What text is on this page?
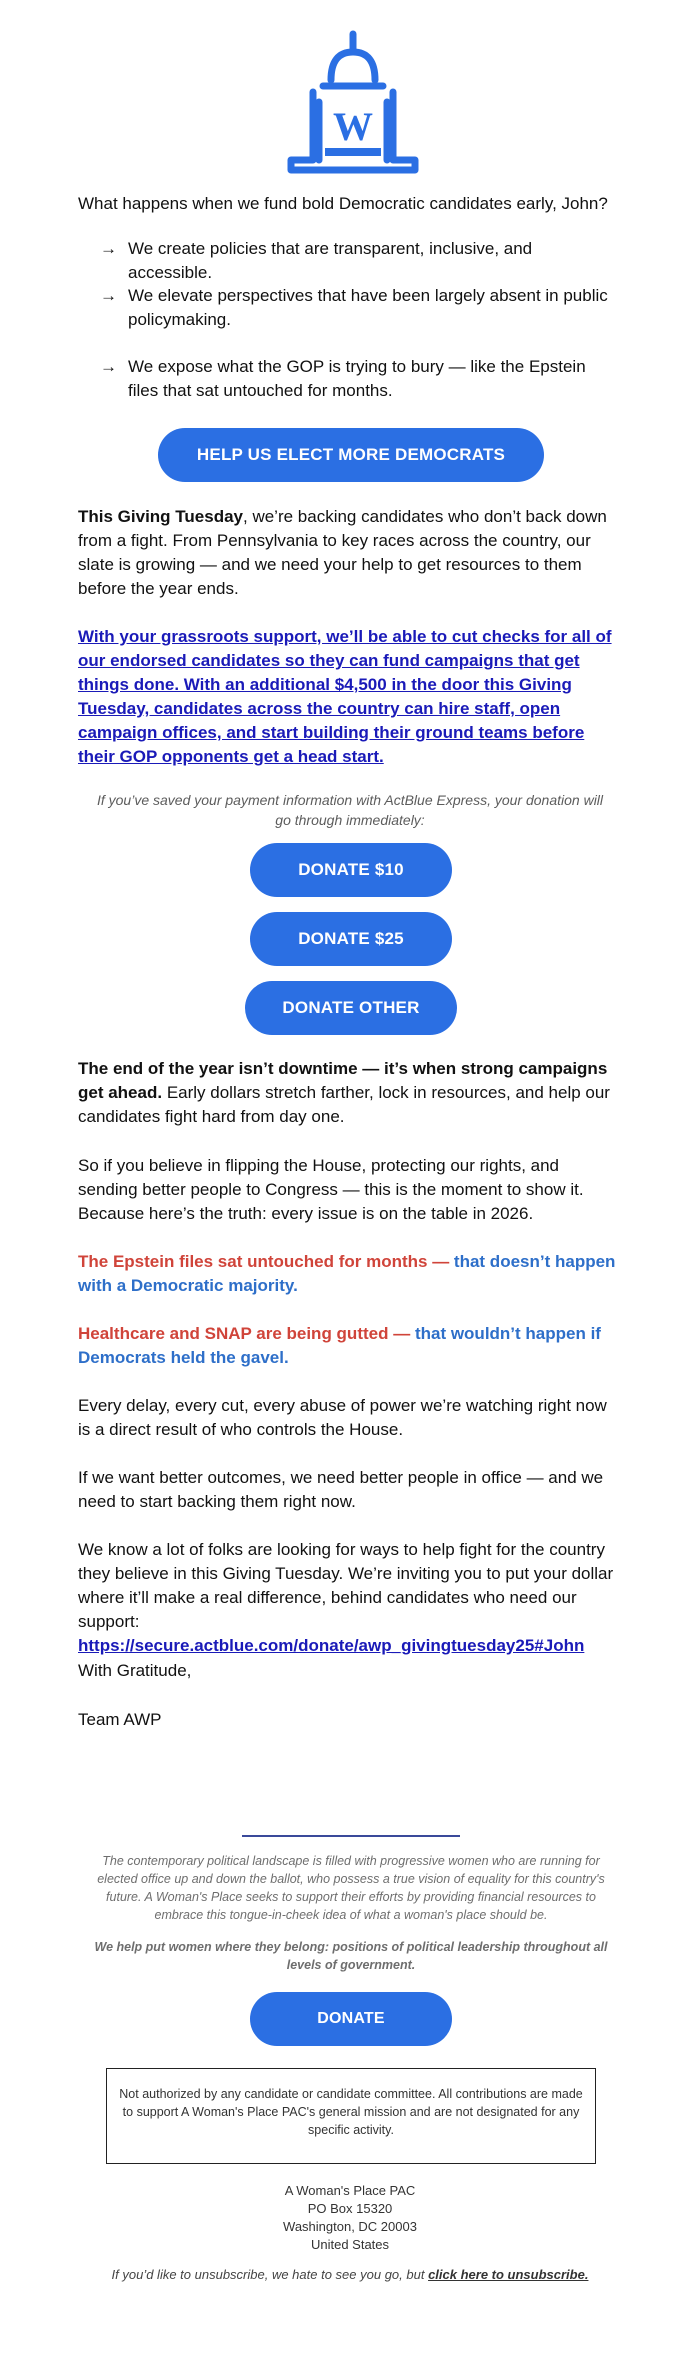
W

What happens when we fund bold Democratic candidates early, John?

→ We create policies that are transparent, inclusive, and accessible.
→ We elevate perspectives that have been largely absent in public policymaking.
→ We expose what the GOP is trying to bury — like the Epstein files that sat untouched for months.
HELP US ELECT MORE DEMOCRATS

This Giving Tuesday, we’re backing candidates who don’t back down from a fight. From Pennsylvania to key races across the country, our slate is growing — and we need your help to get resources to them before the year ends.

With your grassroots support, we’ll be able to cut checks for all of our endorsed candidates so they can fund campaigns that get things done. With an additional $4,500 in the door this Giving Tuesday, candidates across the country can hire staff, open campaign offices, and start building their ground teams before their GOP opponents get a head start.

If you’ve saved your payment information with ActBlue Express, your donation will go through immediately:

DONATE $10
DONATE $25
DONATE OTHER

The end of the year isn’t downtime — it’s when strong campaigns get ahead. Early dollars stretch farther, lock in resources, and help our candidates fight hard from day one.

So if you believe in flipping the House, protecting our rights, and sending better people to Congress — this is the moment to show it. Because here’s the truth: every issue is on the table in 2026.

The Epstein files sat untouched for months — that doesn’t happen with a Democratic majority.

Healthcare and SNAP are being gutted — that wouldn’t happen if Democrats held the gavel.

Every delay, every cut, every abuse of power we’re watching right now is a direct result of who controls the House.

If we want better outcomes, we need better people in office — and we need to start backing them right now.

We know a lot of folks are looking for ways to help fight for the country they believe in this Giving Tuesday. We’re inviting you to put your dollar where it’ll make a real difference, behind candidates who need our support: https://secure.actblue.com/donate/awp_givingtuesday25#John

With Gratitude,

Team AWP

The contemporary political landscape is filled with progressive women who are running for elected office up and down the ballot, who possess a true vision of equality for this country's future. A Woman's Place seeks to support their efforts by providing financial resources to embrace this tongue-in-cheek idea of what a woman's place should be.

We help put women where they belong: positions of political leadership throughout all levels of government.

DONATE
Not authorized by any candidate or candidate committee. All contributions are made to support A Woman's Place PAC's general mission and are not designated for any specific activity.
A Woman's Place PAC
PO Box 15320
Washington, DC 20003
United States

If you’d like to unsubscribe, we hate to see you go, but click here to unsubscribe.
